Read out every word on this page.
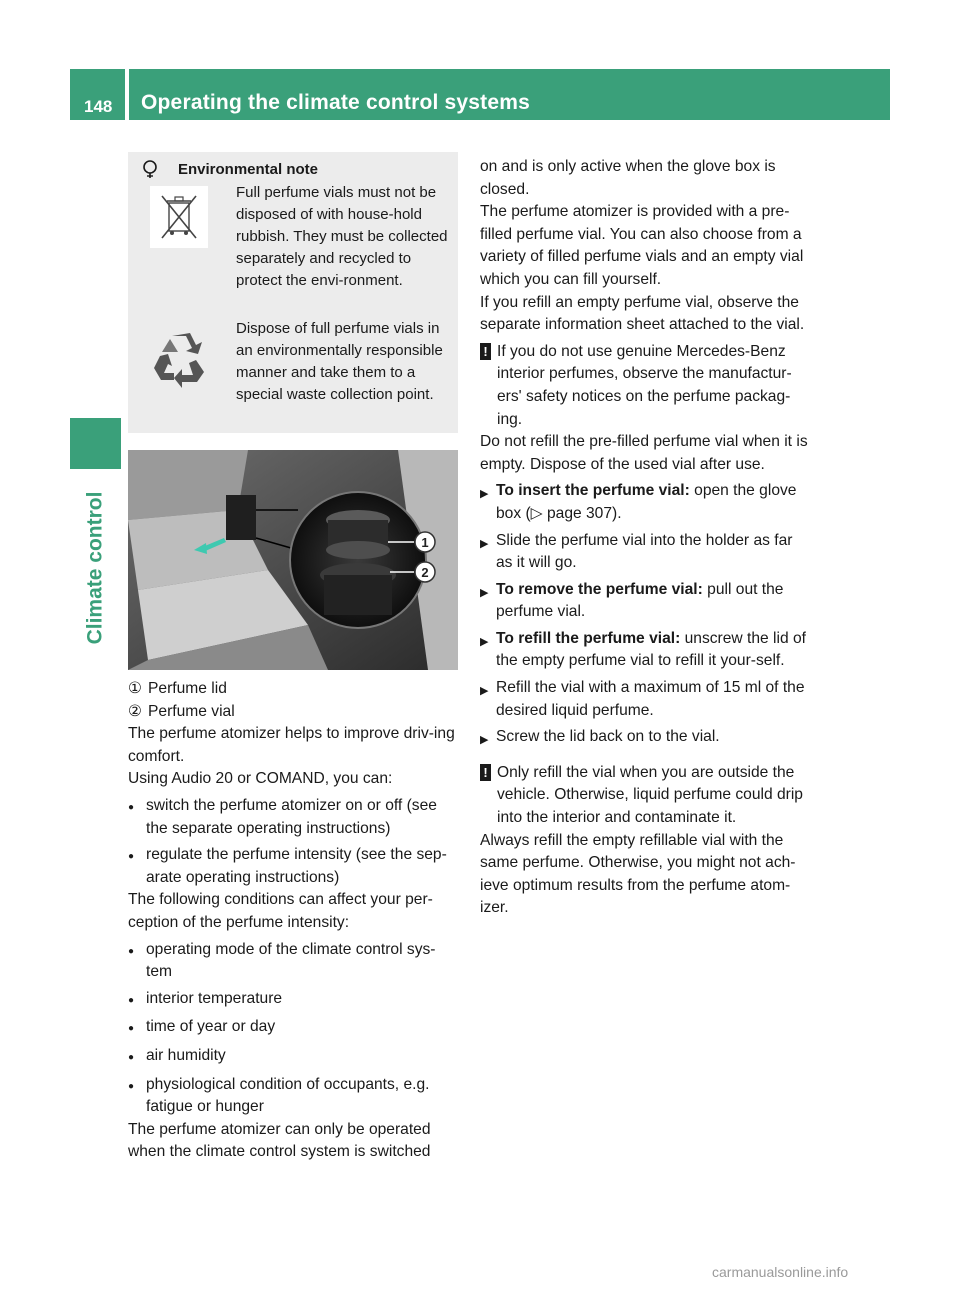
148	Operating the climate control systems
Climate control
Environmental note
Full perfume vials must not be disposed of with house-hold rubbish. They must be collected separately and recycled to protect the envi-ronment.
Dispose of full perfume vials in an environmentally responsible manner and take them to a special waste collection point.
1
2
① Perfume lid
② Perfume vial

The perfume atomizer helps to improve driv-ing comfort.

Using Audio 20 or COMAND, you can:

● switch the perfume atomizer on or off (see the separate operating instructions)
● regulate the perfume intensity (see the sep-arate operating instructions)

The following conditions can affect your per-ception of the perfume intensity:

● operating mode of the climate control sys-tem
● interior temperature
● time of year or day
● air humidity
● physiological condition of occupants, e.g. fatigue or hunger

The perfume atomizer can only be operated when the climate control system is switched

on and is only active when the glove box is closed.

The perfume atomizer is provided with a pre-filled perfume vial. You can also choose from a variety of filled perfume vials and an empty vial which you can fill yourself.

If you refill an empty perfume vial, observe the separate information sheet attached to the vial.

! If you do not use genuine Mercedes-Benz interior perfumes, observe the manufactur-ers' safety notices on the perfume packag-ing.

Do not refill the pre-filled perfume vial when it is empty. Dispose of the used vial after use.

▶ To insert the perfume vial: open the glove box (▷ page 307).
▶ Slide the perfume vial into the holder as far as it will go.
▶ To remove the perfume vial: pull out the perfume vial.
▶ To refill the perfume vial: unscrew the lid of the empty perfume vial to refill it your-self.
▶ Refill the vial with a maximum of 15 ml of the desired liquid perfume.
▶ Screw the lid back on to the vial.
! Only refill the vial when you are outside the vehicle. Otherwise, liquid perfume could drip into the interior and contaminate it.

Always refill the empty refillable vial with the same perfume. Otherwise, you might not ach-ieve optimum results from the perfume atom-izer.

carmanualsonline.info
